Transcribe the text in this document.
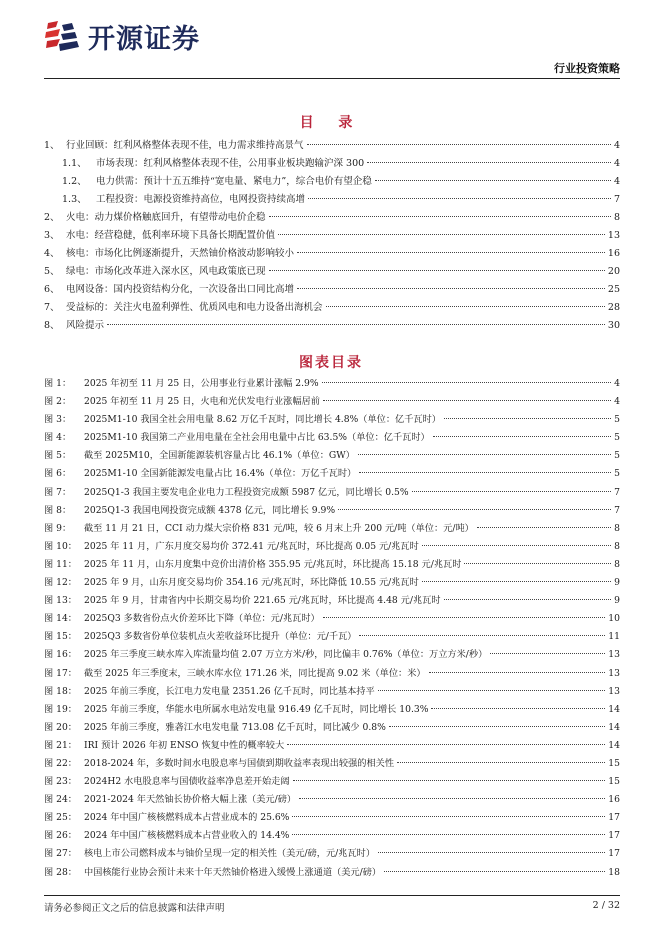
开源证券
行业投资策略
目 录
1、 行业回顾：红利风格整体表现不佳，电力需求维持高景气	4
1.1、 市场表现：红利风格整体表现不佳，公用事业板块跑输沪深 300	4
1.2、 电力供需：预计十五五维持“宽电量、紧电力”，综合电价有望企稳	4
1.3、 工程投资：电源投资维持高位，电网投资持续高增	7
2、 火电：动力煤价格触底回升，有望带动电价企稳	8
3、 水电：经营稳健，低利率环境下具备长期配置价值	13
4、 核电：市场化比例逐渐提升，天然铀价格波动影响较小	16
5、 绿电：市场化改革进入深水区，风电政策底已现	20
6、 电网设备：国内投资结构分化，一次设备出口同比高增	25
7、 受益标的：关注火电盈利弹性、优质风电和电力设备出海机会	28
8、 风险提示	30
图表目录
图 1：	2025 年初至 11 月 25 日，公用事业行业累计涨幅 2.9%	4
图 2：	2025 年初至 11 月 25 日，火电和光伏发电行业涨幅居前	4
图 3：	2025M1-10 我国全社会用电量 8.62 万亿千瓦时，同比增长 4.8%（单位：亿千瓦时）	5
图 4：	2025M1-10 我国第二产业用电量在全社会用电量中占比 63.5%（单位：亿千瓦时）	5
图 5：	截至 2025M10，全国新能源装机容量占比 46.1%（单位：GW）	5
图 6：	2025M1-10 全国新能源发电量占比 16.4%（单位：万亿千瓦时）	5
图 7：	2025Q1-3 我国主要发电企业电力工程投资完成额 5987 亿元，同比增长 0.5%	7
图 8：	2025Q1-3 我国电网投资完成额 4378 亿元，同比增长 9.9%	7
图 9：	截至 11 月 21 日，CCI 动力煤大宗价格 831 元/吨，较 6 月末上升 200 元/吨（单位：元/吨）	8
图 10： 2025 年 11 月，广东月度交易均价 372.41 元/兆瓦时，环比提高 0.05 元/兆瓦时	8
图 11： 2025 年 11 月，山东月度集中竞价出清价格 355.95 元/兆瓦时，环比提高 15.18 元/兆瓦时	8
图 12： 2025 年 9 月，山东月度交易均价 354.16 元/兆瓦时，环比降低 10.55 元/兆瓦时	9
图 13： 2025 年 9 月，甘肃省内中长期交易均价 221.65 元/兆瓦时，环比提高 4.48 元/兆瓦时	9
图 14： 2025Q3 多数省份点火价差环比下降（单位：元/兆瓦时）	10
图 15： 2025Q3 多数省份单位装机点火差收益环比提升（单位：元/千瓦）	11
图 16： 2025 年三季度三峡水库入库流量均值 2.07 万立方米/秒，同比偏丰 0.76%（单位：万立方米/秒）	13
图 17： 截至 2025 年三季度末，三峡水库水位 171.26 米，同比提高 9.02 米（单位：米）	13
图 18： 2025 年前三季度，长江电力发电量 2351.26 亿千瓦时，同比基本持平	13
图 19： 2025 年前三季度，华能水电所属水电站发电量 916.49 亿千瓦时，同比增长 10.3%	14
图 20： 2025 年前三季度，雅砻江水电发电量 713.08 亿千瓦时，同比减少 0.8%	14
图 21： IRI 预计 2026 年初 ENSO 恢复中性的概率较大	14
图 22： 2018-2024 年，多数时间水电股息率与国债到期收益率表现出较强的相关性	15
图 23： 2024H2 水电股息率与国债收益率净息差开始走阔	15
图 24： 2021-2024 年天然铀长协价格大幅上涨（美元/磅）	16
图 25： 2024 年中国广核核燃料成本占营业成本的 25.6%	17
图 26： 2024 年中国广核核燃料成本占营业收入的 14.4%	17
图 27： 核电上市公司燃料成本与铀价呈现一定的相关性（美元/磅，元/兆瓦时）	17
图 28： 中国核能行业协会预计未来十年天然铀价格进入缓慢上涨通道（美元/磅）	18
请务必参阅正文之后的信息披露和法律声明	2 / 32
